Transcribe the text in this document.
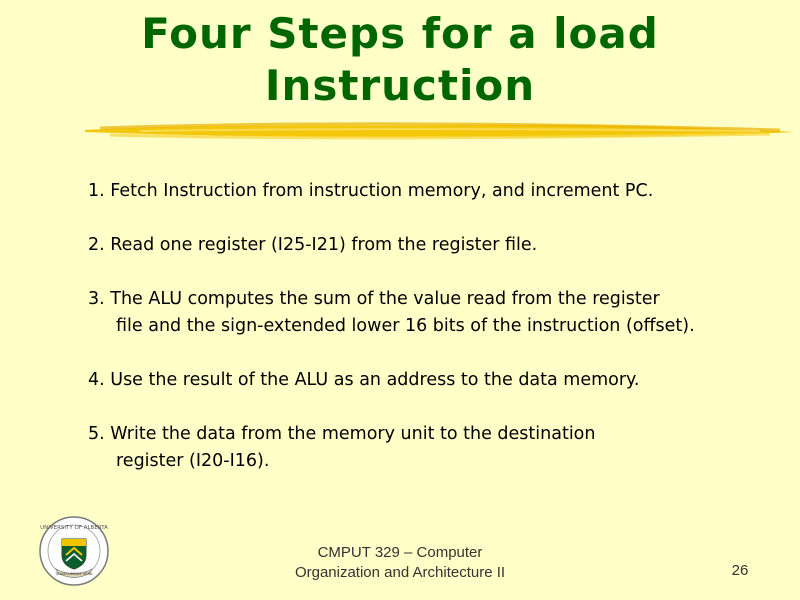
Four Steps for a load
Instruction
1. Fetch Instruction from instruction memory, and increment PC.
2. Read one register (I25-I21) from the register file.
3. The ALU computes the sum of the value read from the register
file and the sign-extended lower 16 bits of the instruction (offset).
4. Use the result of the ALU as an address to the data memory.
5. Write the data from the memory unit to the destination
register (I20-I16).
UNIVERSITY OF ALBERTA
QUAECUMQUE VERA
CMPUT 329 – Computer
Organization and Architecture II	26
